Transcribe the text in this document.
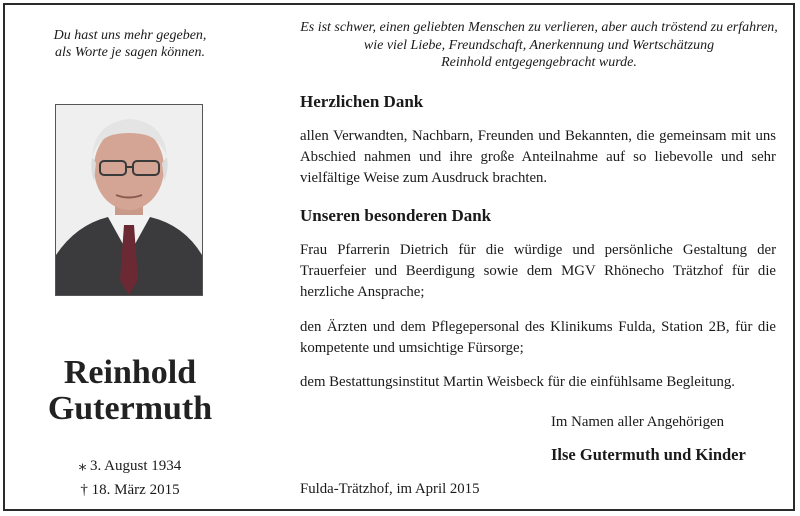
Du hast uns mehr gegeben,
als Worte je sagen können.
Reinhold
Gutermuth
⁎ 3. August 1934
† 18. März 2015
Es ist schwer, einen geliebten Menschen zu verlieren, aber auch tröstend zu erfahren,
wie viel Liebe, Freundschaft, Anerkennung und Wertschätzung
Reinhold entgegengebracht wurde.
Herzlichen Dank
allen Verwandten, Nachbarn, Freunden und Bekannten, die gemeinsam mit uns Abschied nahmen und ihre große Anteilnahme auf so liebevolle und sehr vielfältige Weise zum Ausdruck brachten.
Unseren besonderen Dank
Frau Pfarrerin Dietrich für die würdige und persönliche Gestaltung der Trauerfeier und Beerdigung sowie dem MGV Rhönecho Trätzhof für die herzliche Ansprache;
den Ärzten und dem Pflegepersonal des Klinikums Fulda, Station 2B, für die kompetente und umsichtige Fürsorge;
dem Bestattungsinstitut Martin Weisbeck für die einfühlsame Begleitung.
Im Namen aller Angehörigen
Ilse Gutermuth und Kinder
Fulda-Trätzhof, im April 2015
